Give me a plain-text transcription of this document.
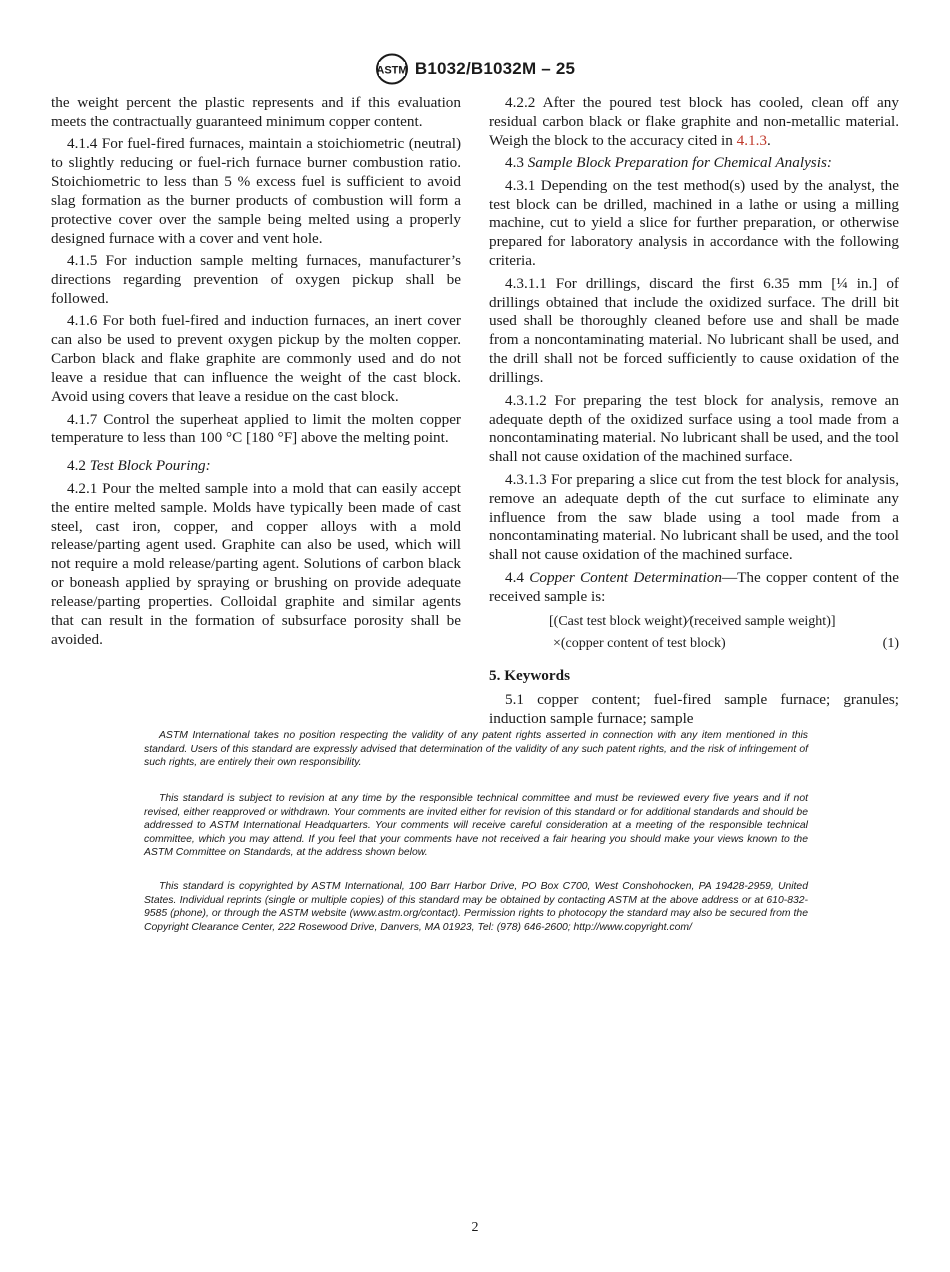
ASTM B1032/B1032M – 25

the weight percent the plastic represents and if this evaluation meets the contractually guaranteed minimum copper content.

4.1.4 For fuel-fired furnaces, maintain a stoichiometric (neutral) to slightly reducing or fuel-rich furnace burner combustion ratio. Stoichiometric to less than 5 % excess fuel is sufficient to avoid slag formation as the burner products of combustion will form a protective cover over the sample being melted using a properly designed furnace with a cover and vent hole.

4.1.5 For induction sample melting furnaces, manufacturer’s directions regarding prevention of oxygen pickup shall be followed.

4.1.6 For both fuel-fired and induction furnaces, an inert cover can also be used to prevent oxygen pickup by the molten copper. Carbon black and flake graphite are commonly used and do not leave a residue that can influence the weight of the cast block. Avoid using covers that leave a residue on the cast block.

4.1.7 Control the superheat applied to limit the molten copper temperature to less than 100 °C [180 °F] above the melting point.

4.2 Test Block Pouring:

4.2.1 Pour the melted sample into a mold that can easily accept the entire melted sample. Molds have typically been made of cast steel, cast iron, copper, and copper alloys with a mold release/parting agent used. Graphite can also be used, which will not require a mold release/parting agent. Solutions of carbon black or boneash applied by spraying or brushing on provide adequate release/parting properties. Colloidal graphite and similar agents that can result in the formation of subsurface porosity shall be avoided.

4.2.2 After the poured test block has cooled, clean off any residual carbon black or flake graphite and non-metallic material. Weigh the block to the accuracy cited in 4.1.3.

4.3 Sample Block Preparation for Chemical Analysis:

4.3.1 Depending on the test method(s) used by the analyst, the test block can be drilled, machined in a lathe or using a milling machine, cut to yield a slice for further preparation, or otherwise prepared for laboratory analysis in accordance with the following criteria.

4.3.1.1 For drillings, discard the first 6.35 mm [¼ in.] of drillings obtained that include the oxidized surface. The drill bit used shall be thoroughly cleaned before use and shall be made from a noncontaminating material. No lubricant shall be used, and the drill shall not be forced sufficiently to cause oxidation of the drillings.

4.3.1.2 For preparing the test block for analysis, remove an adequate depth of the oxidized surface using a tool made from a noncontaminating material. No lubricant shall be used, and the tool shall not cause oxidation of the machined surface.

4.3.1.3 For preparing a slice cut from the test block for analysis, remove an adequate depth of the cut surface to eliminate any influence from the saw blade using a tool made from a noncontaminating material. No lubricant shall be used, and the tool shall not cause oxidation of the machined surface.

4.4 Copper Content Determination—The copper content of the received sample is:

[(Cast test block weight)⁄(received sample weight)]
×(copper content of test block)	(1)

5. Keywords

5.1 copper content; fuel-fired sample furnace; granules; induction sample furnace; sample

ASTM International takes no position respecting the validity of any patent rights asserted in connection with any item mentioned in this standard. Users of this standard are expressly advised that determination of the validity of any such patent rights, and the risk of infringement of such rights, are entirely their own responsibility.

This standard is subject to revision at any time by the responsible technical committee and must be reviewed every five years and if not revised, either reapproved or withdrawn. Your comments are invited either for revision of this standard or for additional standards and should be addressed to ASTM International Headquarters. Your comments will receive careful consideration at a meeting of the responsible technical committee, which you may attend. If you feel that your comments have not received a fair hearing you should make your views known to the ASTM Committee on Standards, at the address shown below.

This standard is copyrighted by ASTM International, 100 Barr Harbor Drive, PO Box C700, West Conshohocken, PA 19428-2959, United States. Individual reprints (single or multiple copies) of this standard may be obtained by contacting ASTM at the above address or at 610-832-9585 (phone), or through the ASTM website (www.astm.org/contact). Permission rights to photocopy the standard may also be secured from the Copyright Clearance Center, 222 Rosewood Drive, Danvers, MA 01923, Tel: (978) 646-2600; http://www.copyright.com/

2
